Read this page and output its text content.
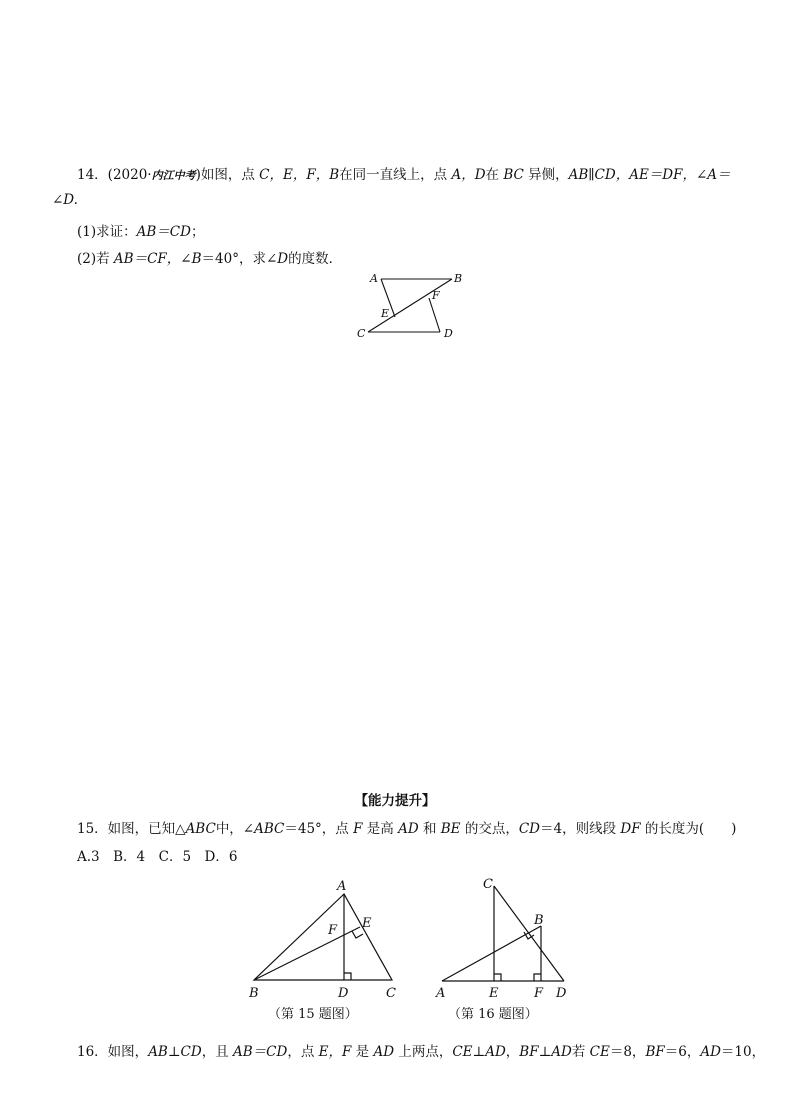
14．(2020·内江中考)如图，点 C，E，F，B在同一直线上，点 A，D在 BC 异侧，AB∥CD，AE＝DF，∠A＝
∠D.
(1)求证：AB＝CD；
(2)若 AB＝CF，∠B＝40°，求∠D的度数．
A	B
C	D
E
F
【能力提升】
15．如图，已知△ABC中，∠ABC＝45°，点 F 是高 AD 和 BE 的交点，CD＝4，则线段 DF 的长度为(　　)
A.3　B．4　C．5　D．6
A
B	C
D
E
F
（第 15 题图）
C
B
A	E	F D
（第 16 题图）
16．如图，AB⊥CD，且 AB＝CD，点 E，F 是 AD 上两点，CE⊥AD，BF⊥AD若 CE＝8，BF＝6，AD＝10，
